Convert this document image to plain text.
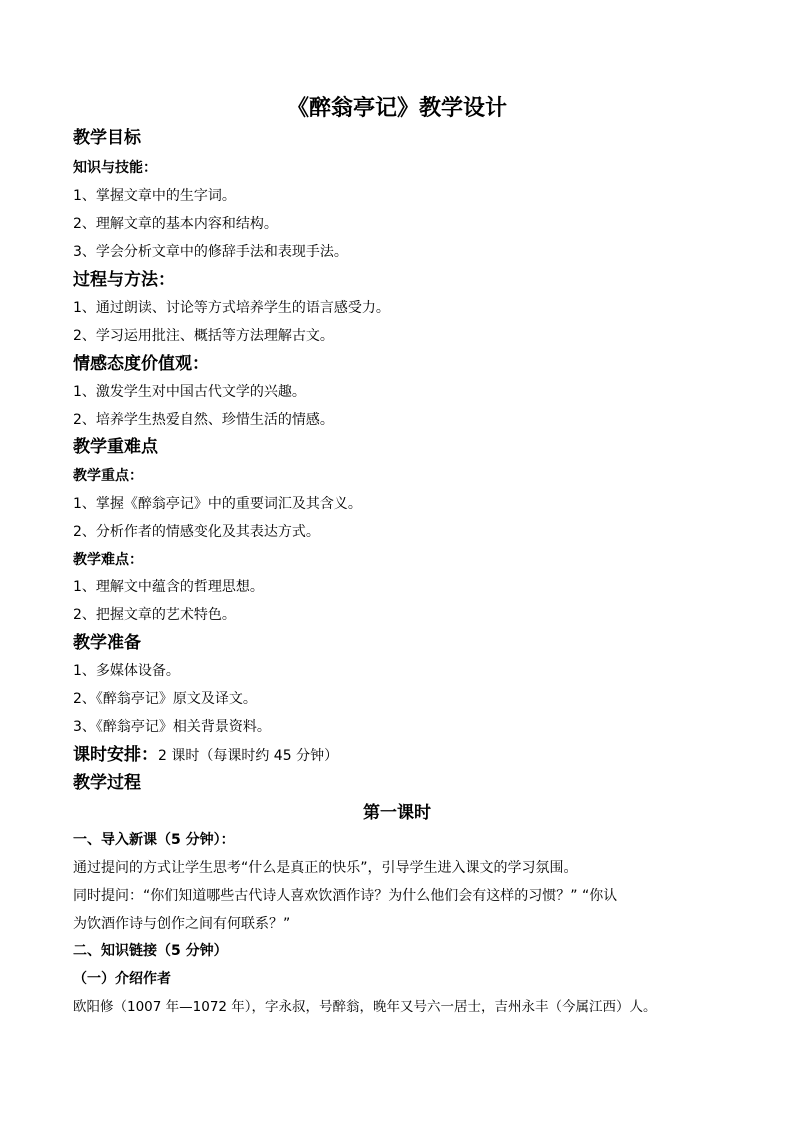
《醉翁亭记》教学设计
教学目标
知识与技能：
1、掌握文章中的生字词。
2、理解文章的基本内容和结构。
3、学会分析文章中的修辞手法和表现手法。
过程与方法：
1、通过朗读、讨论等方式培养学生的语言感受力。
2、学习运用批注、概括等方法理解古文。
情感态度价值观：
1、激发学生对中国古代文学的兴趣。
2、培养学生热爱自然、珍惜生活的情感。
教学重难点
教学重点：
1、掌握《醉翁亭记》中的重要词汇及其含义。
2、分析作者的情感变化及其表达方式。
教学难点：
1、理解文中蕴含的哲理思想。
2、把握文章的艺术特色。
教学准备
1、多媒体设备。
2、《醉翁亭记》原文及译文。
3、《醉翁亭记》相关背景资料。
课时安排：2 课时（每课时约 45 分钟）
教学过程
第一课时
一、导入新课（5 分钟）：
通过提问的方式让学生思考“什么是真正的快乐”，引导学生进入课文的学习氛围。
同时提问：“你们知道哪些古代诗人喜欢饮酒作诗？为什么他们会有这样的习惯？” “你认
为饮酒作诗与创作之间有何联系？”
二、知识链接（5 分钟）
（一）介绍作者
欧阳修（1007 年—1072 年），字永叔，号醉翁，晚年又号六一居士，吉州永丰（今属江西）人。
